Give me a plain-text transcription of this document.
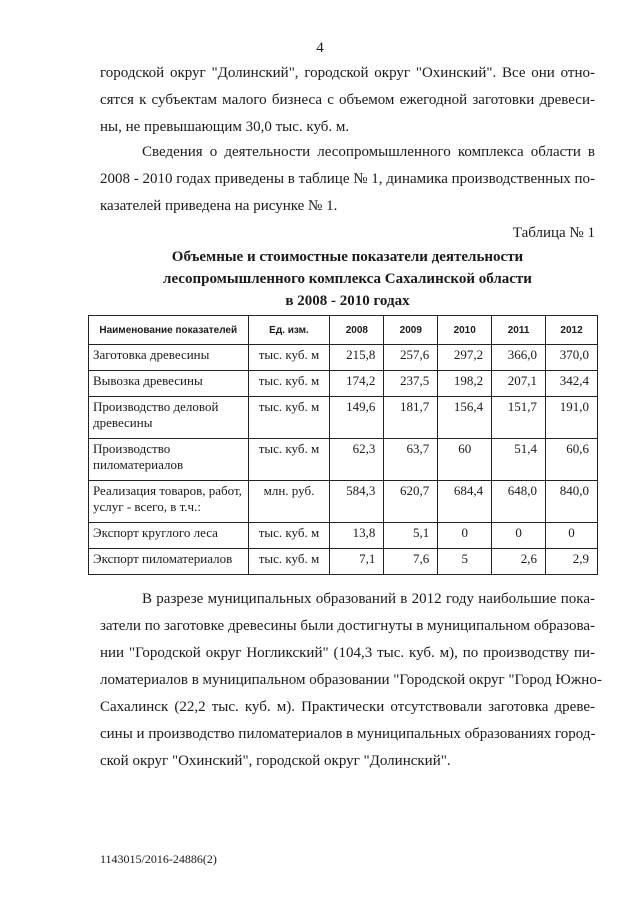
4

городской округ "Долинский", городской округ "Охинский". Все они отно-
сятся к субъектам малого бизнеса с объемом ежегодной заготовки древеси-
ны, не превышающим 30,0 тыс. куб. м.

Сведения о деятельности лесопромышленного комплекса области в
2008 - 2010 годах приведены в таблице № 1, динамика производственных по-
казателей приведена на рисунке № 1.

Таблица № 1
Объемные и стоимостные показатели деятельности
лесопромышленного комплекса Сахалинской области
в 2008 - 2010 годах
Наименование показателей	Ед. изм.	2008	2009	2010	2011	2012
Заготовка древесины	тыс. куб. м	215,8	257,6	297,2	366,0	370,0
Вывозка древесины	тыс. куб. м	174,2	237,5	198,2	207,1	342,4
Производство деловой древесины	тыс. куб. м	149,6	181,7	156,4	151,7	191,0
Производство пиломатериалов	тыс. куб. м	62,3	63,7	60	51,4	60,6
Реализация товаров, работ, услуг - всего, в т.ч.:	млн. руб.	584,3	620,7	684,4	648,0	840,0
Экспорт круглого леса	тыс. куб. м	13,8	5,1	0	0	0
Экспорт пиломатериалов	тыс. куб. м	7,1	7,6	5	2,6	2,9

В разрезе муниципальных образований в 2012 году наибольшие пока-
затели по заготовке древесины были достигнуты в муниципальном образова-
нии "Городской округ Ногликский" (104,3 тыс. куб. м), по производству пи-
ломатериалов в муниципальном образовании "Городской округ "Город Южно-
Сахалинск (22,2 тыс. куб. м). Практически отсутствовали заготовка древе-
сины и производство пиломатериалов в муниципальных образованиях город-
ской округ "Охинский", городской округ "Долинский".

1143015/2016-24886(2)
